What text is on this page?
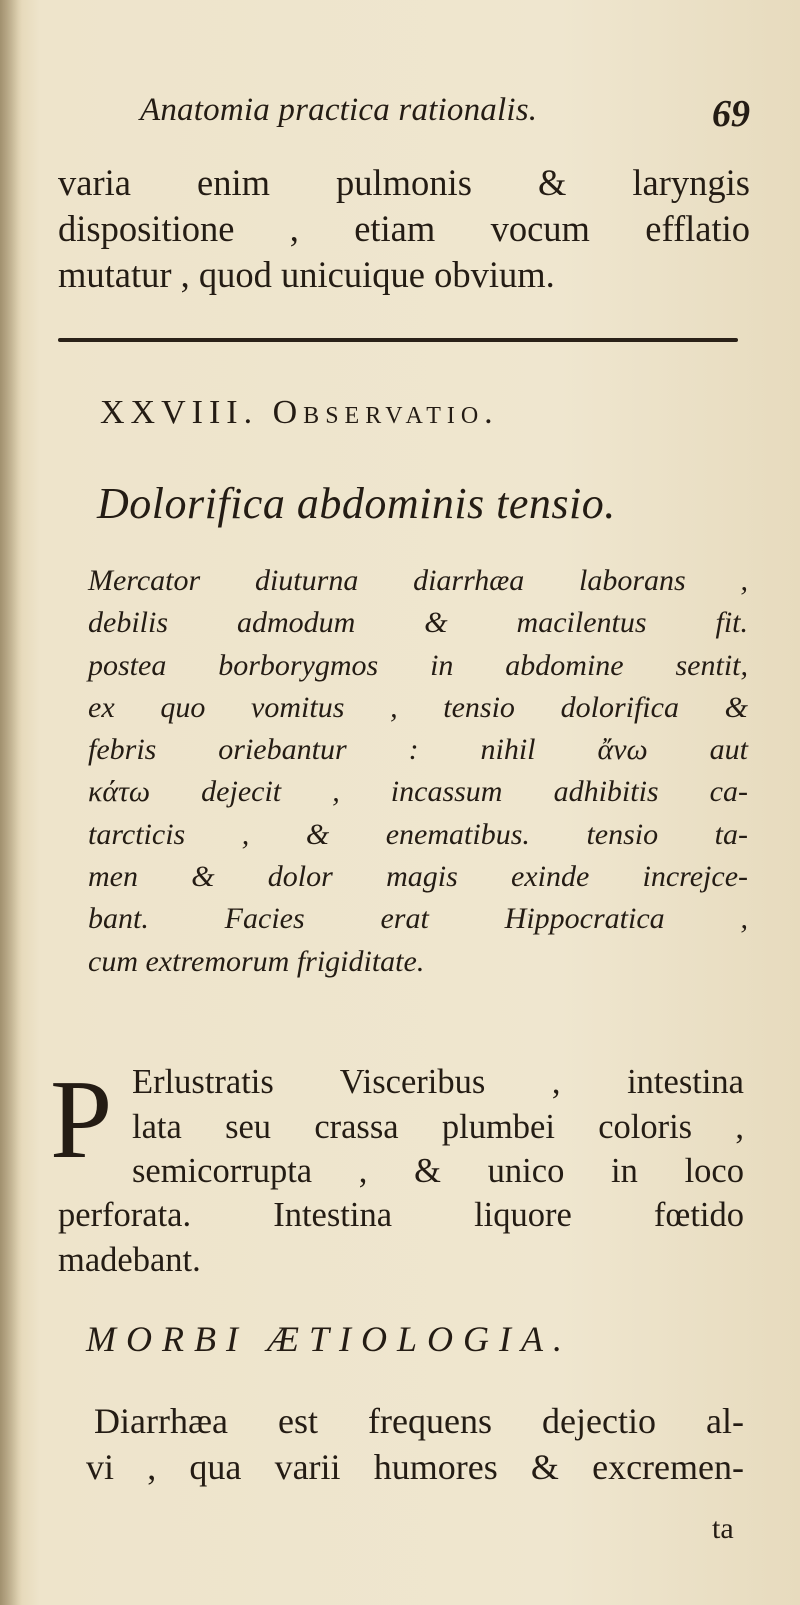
Anatomia practica rationalis.	69
varia enim pulmonis & laryngis
dispositione , etiam vocum efflatio
mutatur , quod unicuique obvium.
XXVIII. Observatio.
Dolorifica abdominis tensio.
Mercator diuturna diarrhæa laborans ,
debilis admodum & macilentus fit.
postea borborygmos in abdomine sentit,
ex quo vomitus , tensio dolorifica &
febris oriebantur : nihil ἄνω aut
κάτω dejecit , incassum adhibitis ca-
tarcticis , & enematibus. tensio ta-
men & dolor magis exinde increjce-
bant. Facies erat Hippocratica ,
cum extremorum frigiditate.
P Erlustratis Visceribus , intestina
lata seu crassa plumbei coloris ,
semicorrupta , & unico in loco
perforata. Intestina liquore fœtido
madebant.
MORBI ÆTIOLOGIA.
Diarrhæa est frequens dejectio al-
vi , qua varii humores & excremen-
ta
